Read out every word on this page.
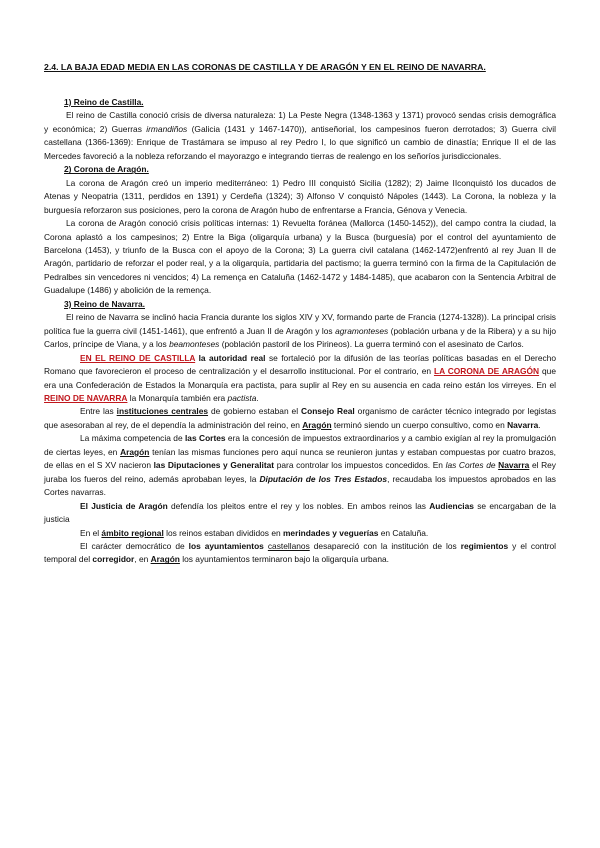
2.4. LA BAJA EDAD MEDIA EN LAS CORONAS DE CASTILLA Y DE ARAGÓN Y EN EL REINO DE NAVARRA.

1) Reino de Castilla.

El reino de Castilla conoció crisis de diversa naturaleza: 1) La Peste Negra (1348-1363 y 1371) provocó sendas crisis demográfica y económica; 2) Guerras irmandiños (Galicia (1431 y 1467-1470)), antiseñorial, los campesinos fueron derrotados; 3) Guerra civil castellana (1366-1369): Enrique de Trastámara se impuso al rey Pedro I, lo que significó un cambio de dinastía; Enrique II el de las Mercedes favoreció a la nobleza reforzando el mayorazgo e integrando tierras de realengo en los señoríos jurisdiccionales.

2) Corona de Aragón.

La corona de Aragón creó un imperio mediterráneo: 1) Pedro III conquistó Sicilia (1282); 2) Jaime IIconquistó los ducados de Atenas y Neopatria (1311, perdidos en 1391) y Cerdeña (1324); 3) Alfonso V conquistó Nápoles (1443). La Corona, la nobleza y la burguesía reforzaron sus posiciones, pero la corona de Aragón hubo de enfrentarse a Francia, Génova y Venecia.

La corona de Aragón conoció crisis políticas internas: 1) Revuelta foránea (Mallorca (1450-1452)), del campo contra la ciudad, la Corona aplastó a los campesinos; 2) Entre la Biga (oligarquía urbana) y la Busca (burguesía) por el control del ayuntamiento de Barcelona (1453), y triunfo de la Busca con el apoyo de la Corona; 3) La guerra civil catalana (1462-1472)enfrentó al rey Juan II de Aragón, partidario de reforzar el poder real, y a la oligarquía, partidaria del pactismo; la guerra terminó con la firma de la Capitulación de Pedralbes sin vencedores ni vencidos; 4) La remença en Cataluña (1462-1472 y 1484-1485), que acabaron con la Sentencia Arbitral de Guadalupe (1486) y abolición de la remença.

3) Reino de Navarra.

El reino de Navarra se inclinó hacia Francia durante los siglos XIV y XV, formando parte de Francia (1274-1328)). La principal crisis política fue la guerra civil (1451-1461), que enfrentó a Juan II de Aragón y los agramonteses (población urbana y de la Ribera) y a su hijo Carlos, príncipe de Viana, y a los beamonteses (población pastoril de los Pirineos). La guerra terminó con el asesinato de Carlos.

EN EL REINO DE CASTILLA la autoridad real se fortaleció por la difusión de las teorías políticas basadas en el Derecho Romano que favorecieron el proceso de centralización y el desarrollo institucional. Por el contrario, en LA CORONA DE ARAGÓN que era una Confederación de Estados la Monarquía era pactista, para suplir al Rey en su ausencia en cada reino están los virreyes. En el REINO DE NAVARRA la Monarquía también era pactista.

Entre las instituciones centrales de gobierno estaban el Consejo Real organismo de carácter técnico integrado por legistas que asesoraban al rey, de el dependía la administración del reino, en Aragón terminó siendo un cuerpo consultivo, como en Navarra.

La máxima competencia de las Cortes era la concesión de impuestos extraordinarios y a cambio exigían al rey la promulgación de ciertas leyes, en Aragón tenían las mismas funciones pero aquí nunca se reunieron juntas y estaban compuestas por cuatro brazos, de ellas en el S XV nacieron las Diputaciones y Generalitat para controlar los impuestos concedidos. En las Cortes de Navarra el Rey juraba los fueros del reino, además aprobaban leyes, la Diputación de los Tres Estados, recaudaba los impuestos aprobados en las Cortes navarras.

El Justicia de Aragón defendía los pleitos entre el rey y los nobles. En ambos reinos las Audiencias se encargaban de la justicia

En el ámbito regional los reinos estaban divididos en merindades y veguerías en Cataluña.

El carácter democrático de los ayuntamientos castellanos desapareció con la institución de los regimientos y el control temporal del corregidor, en Aragón los ayuntamientos terminaron bajo la oligarquía urbana.
